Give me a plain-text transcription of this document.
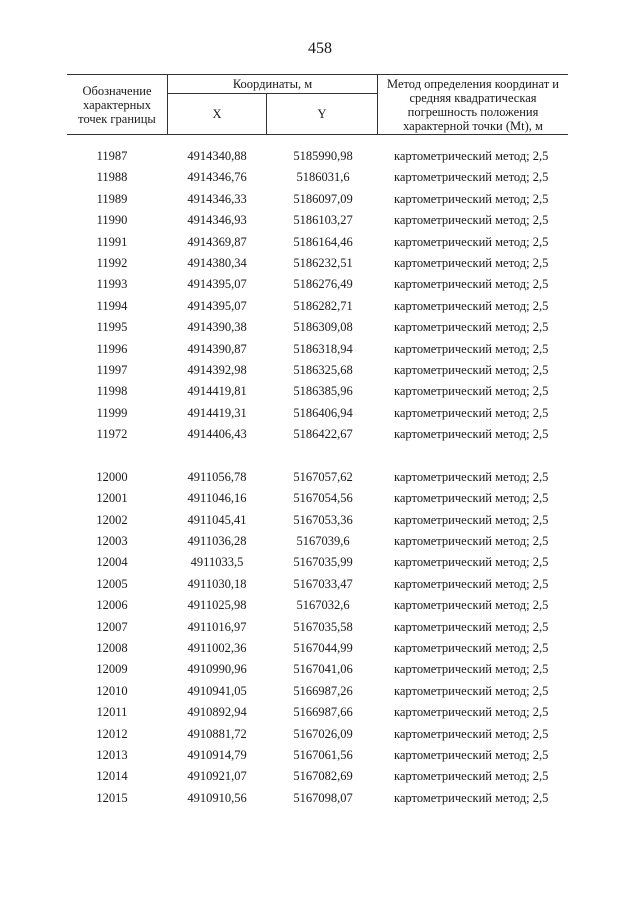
458
Обозначение характерных точек границы	Координаты, м		Метод определения координат и средняя квадратическая погрешность положения характерной точки (Mt), м
	X	Y	
11987	4914340,88	5185990,98	картометрический метод; 2,5
11988	4914346,76	5186031,6	картометрический метод; 2,5
11989	4914346,33	5186097,09	картометрический метод; 2,5
11990	4914346,93	5186103,27	картометрический метод; 2,5
11991	4914369,87	5186164,46	картометрический метод; 2,5
11992	4914380,34	5186232,51	картометрический метод; 2,5
11993	4914395,07	5186276,49	картометрический метод; 2,5
11994	4914395,07	5186282,71	картометрический метод; 2,5
11995	4914390,38	5186309,08	картометрический метод; 2,5
11996	4914390,87	5186318,94	картометрический метод; 2,5
11997	4914392,98	5186325,68	картометрический метод; 2,5
11998	4914419,81	5186385,96	картометрический метод; 2,5
11999	4914419,31	5186406,94	картометрический метод; 2,5
11972	4914406,43	5186422,67	картометрический метод; 2,5
12000	4911056,78	5167057,62	картометрический метод; 2,5
12001	4911046,16	5167054,56	картометрический метод; 2,5
12002	4911045,41	5167053,36	картометрический метод; 2,5
12003	4911036,28	5167039,6	картометрический метод; 2,5
12004	4911033,5	5167035,99	картометрический метод; 2,5
12005	4911030,18	5167033,47	картометрический метод; 2,5
12006	4911025,98	5167032,6	картометрический метод; 2,5
12007	4911016,97	5167035,58	картометрический метод; 2,5
12008	4911002,36	5167044,99	картометрический метод; 2,5
12009	4910990,96	5167041,06	картометрический метод; 2,5
12010	4910941,05	5166987,26	картометрический метод; 2,5
12011	4910892,94	5166987,66	картометрический метод; 2,5
12012	4910881,72	5167026,09	картометрический метод; 2,5
12013	4910914,79	5167061,56	картометрический метод; 2,5
12014	4910921,07	5167082,69	картометрический метод; 2,5
12015	4910910,56	5167098,07	картометрический метод; 2,5
